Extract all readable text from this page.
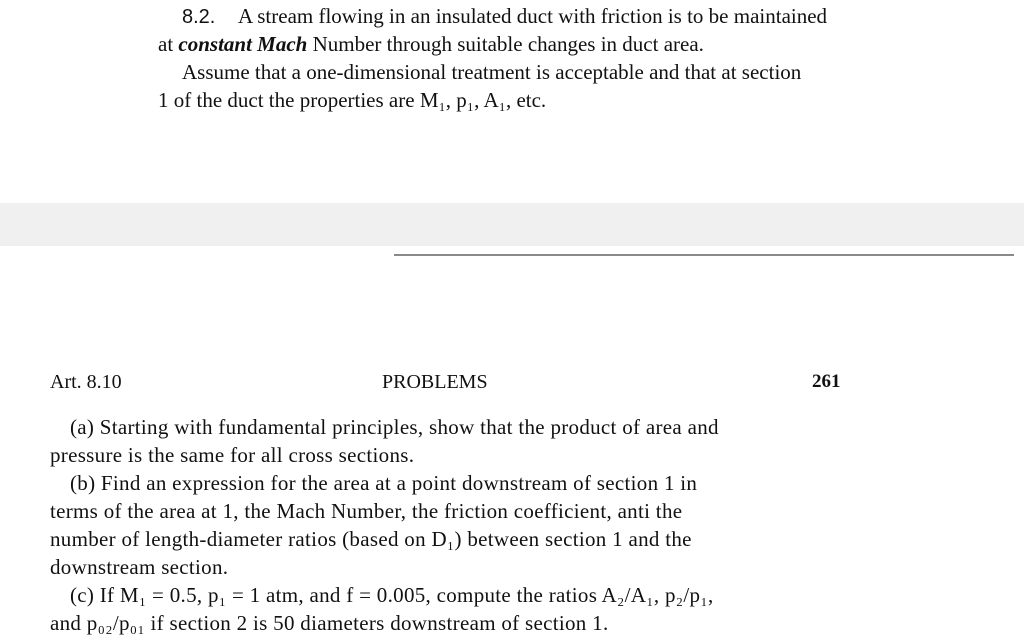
8.2. A stream flowing in an insulated duct with friction is to be maintained
at constant Mach Number through suitable changes in duct area.
Assume that a one-dimensional treatment is acceptable and that at section
1 of the duct the properties are M₁, p₁, A₁, etc.
Art. 8.10	PROBLEMS	261
(a) Starting with fundamental principles, show that the product of area and
pressure is the same for all cross sections.
(b) Find an expression for the area at a point downstream of section 1 in
terms of the area at 1, the Mach Number, the friction coefficient, anti the
number of length-diameter ratios (based on D₁) between section 1 and the
downstream section.
(c) If M₁ = 0.5, p₁ = 1 atm, and f = 0.005, compute the ratios A₂/A₁, p₂/p₁,
and p₀₂/p₀₁ if section 2 is 50 diameters downstream of section 1.
